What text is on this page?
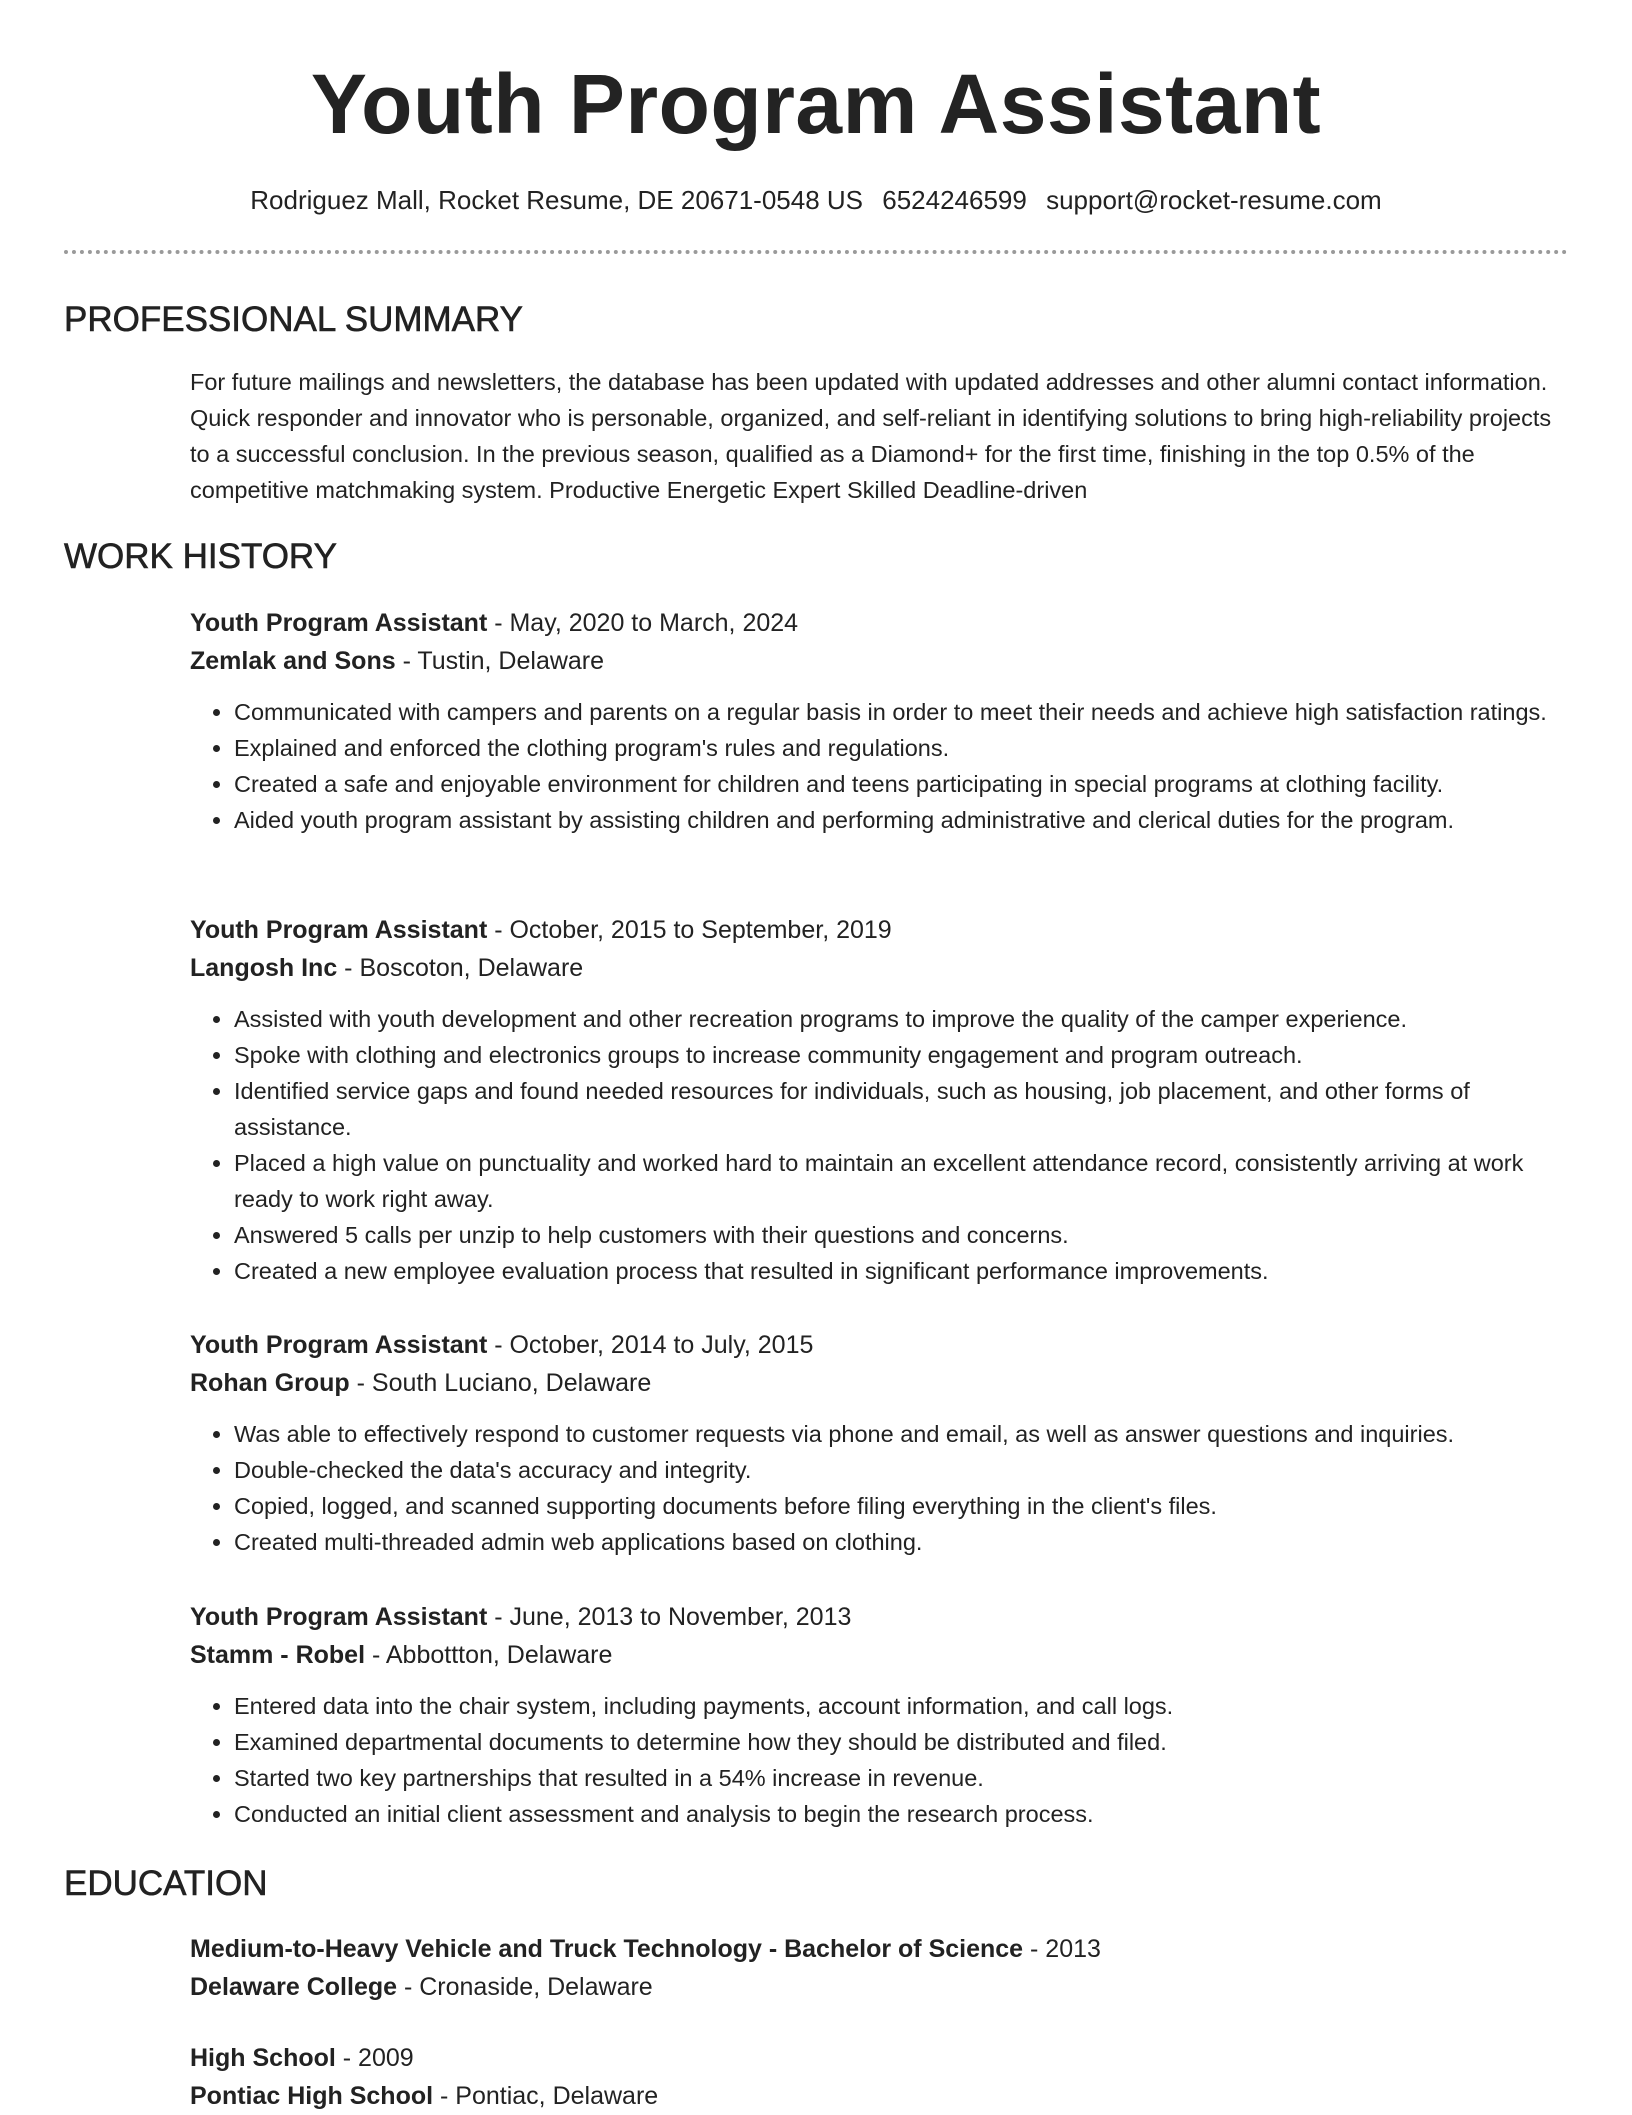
Youth Program Assistant
Rodriguez Mall, Rocket Resume, DE 20671-0548 US 6524246599 support@rocket-resume.com
PROFESSIONAL SUMMARY

For future mailings and newsletters, the database has been updated with updated addresses and other alumni contact information. Quick responder and innovator who is personable, organized, and self-reliant in identifying solutions to bring high-reliability projects to a successful conclusion. In the previous season, qualified as a Diamond+ for the first time, finishing in the top 0.5% of the competitive matchmaking system. Productive Energetic Expert Skilled Deadline-driven

WORK HISTORY

Youth Program Assistant - May, 2020 to March, 2024

Zemlak and Sons - Tustin, Delaware

• Communicated with campers and parents on a regular basis in order to meet their needs and achieve high satisfaction ratings.
• Explained and enforced the clothing program's rules and regulations.
• Created a safe and enjoyable environment for children and teens participating in special programs at clothing facility.
• Aided youth program assistant by assisting children and performing administrative and clerical duties for the program.

Youth Program Assistant - October, 2015 to September, 2019

Langosh Inc - Boscoton, Delaware

• Assisted with youth development and other recreation programs to improve the quality of the camper experience.
• Spoke with clothing and electronics groups to increase community engagement and program outreach.
• Identified service gaps and found needed resources for individuals, such as housing, job placement, and other forms of assistance.
• Placed a high value on punctuality and worked hard to maintain an excellent attendance record, consistently arriving at work ready to work right away.
• Answered 5 calls per unzip to help customers with their questions and concerns.
• Created a new employee evaluation process that resulted in significant performance improvements.

Youth Program Assistant - October, 2014 to July, 2015

Rohan Group - South Luciano, Delaware

• Was able to effectively respond to customer requests via phone and email, as well as answer questions and inquiries.
• Double-checked the data's accuracy and integrity.
• Copied, logged, and scanned supporting documents before filing everything in the client's files.
• Created multi-threaded admin web applications based on clothing.

Youth Program Assistant - June, 2013 to November, 2013

Stamm - Robel - Abbottton, Delaware

• Entered data into the chair system, including payments, account information, and call logs.
• Examined departmental documents to determine how they should be distributed and filed.
• Started two key partnerships that resulted in a 54% increase in revenue.
• Conducted an initial client assessment and analysis to begin the research process.
EDUCATION

Medium-to-Heavy Vehicle and Truck Technology - Bachelor of Science - 2013

Delaware College - Cronaside, Delaware

High School - 2009

Pontiac High School - Pontiac, Delaware
